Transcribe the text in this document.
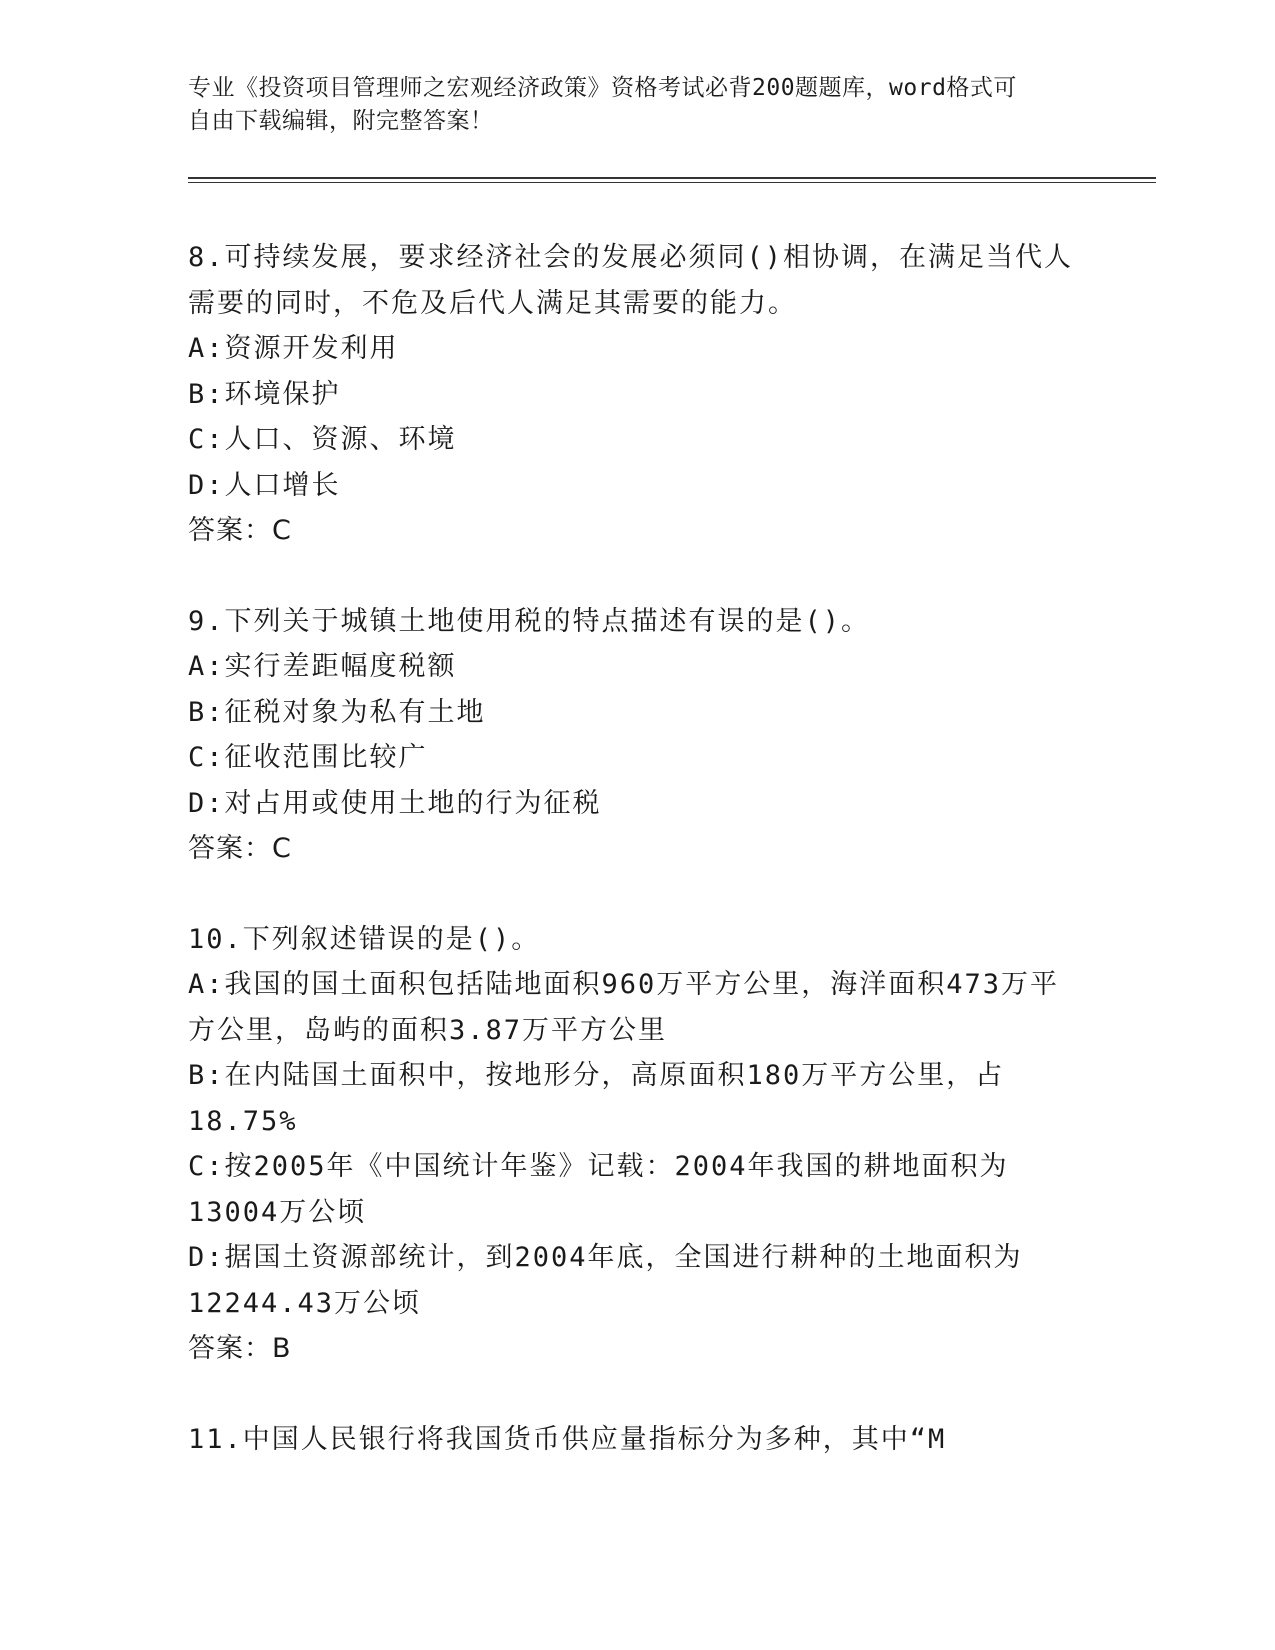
专业《投资项目管理师之宏观经济政策》资格考试必背200题题库，word格式可
自由下载编辑，附完整答案！
8.可持续发展，要求经济社会的发展必须同()相协调，在满足当代人需要的同时，不危及后代人满足其需要的能力。
A:资源开发利用
B:环境保护
C:人口、资源、环境
D:人口增长
答案：C
9.下列关于城镇土地使用税的特点描述有误的是()。
A:实行差距幅度税额
B:征税对象为私有土地
C:征收范围比较广
D:对占用或使用土地的行为征税
答案：C
10.下列叙述错误的是()。
A:我国的国土面积包括陆地面积960万平方公里，海洋面积473万平方公里，岛屿的面积3.87万平方公里
B:在内陆国土面积中，按地形分，高原面积180万平方公里，占18.75%
C:按2005年《中国统计年鉴》记载：2004年我国的耕地面积为13004万公顷
D:据国土资源部统计，到2004年底，全国进行耕种的土地面积为12244.43万公顷
答案：B
11.中国人民银行将我国货币供应量指标分为多种，其中“M
